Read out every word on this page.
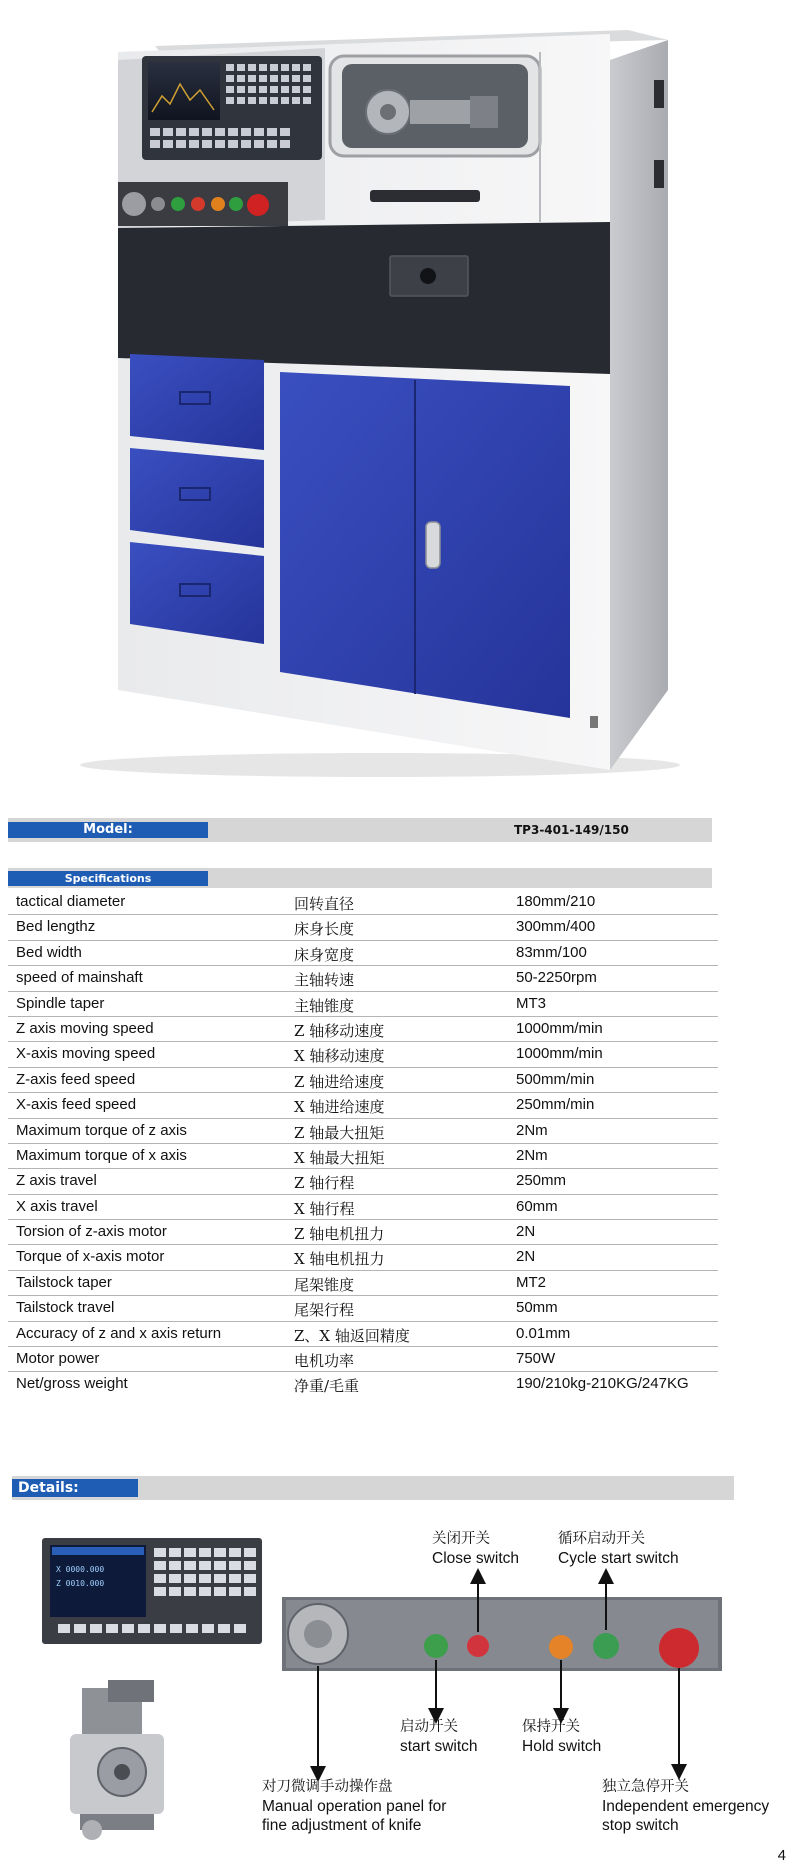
Model:	TP3-401-149/150
Specifications
tactical diameter	回转直径	180mm/210
Bed lengthz	床身长度	300mm/400
Bed width	床身宽度	83mm/100
speed of mainshaft	主轴转速	50-2250rpm
Spindle taper	主轴锥度	MT3
Z axis moving speed	Z 轴移动速度	1000mm/min
X-axis moving speed	X 轴移动速度	1000mm/min
Z-axis feed speed	Z 轴进给速度	500mm/min
X-axis feed speed	X 轴进给速度	250mm/min
Maximum torque of z axis	Z 轴最大扭矩	2Nm
Maximum torque of x axis	X 轴最大扭矩	2Nm
Z axis travel	Z 轴行程	250mm
X axis travel	X 轴行程	60mm
Torsion of z-axis motor	Z 轴电机扭力	2N
Torque of x-axis motor	X 轴电机扭力	2N
Tailstock taper	尾架锥度	MT2
Tailstock travel	尾架行程	50mm
Accuracy of z and x axis return	Z、X 轴返回精度	0.01mm
Motor power	电机功率	750W
Net/gross weight	净重/毛重	190/210kg-210KG/247KG
Details:
X 0000.000
Z 0010.000
关闭开关
Close switch
循环启动开关
Cycle start switch
启动开关
start switch
保持开关
Hold switch
对刀微调手动操作盘
Manual operation panel for
fine adjustment of knife
独立急停开关
Independent emergency
stop switch
4
